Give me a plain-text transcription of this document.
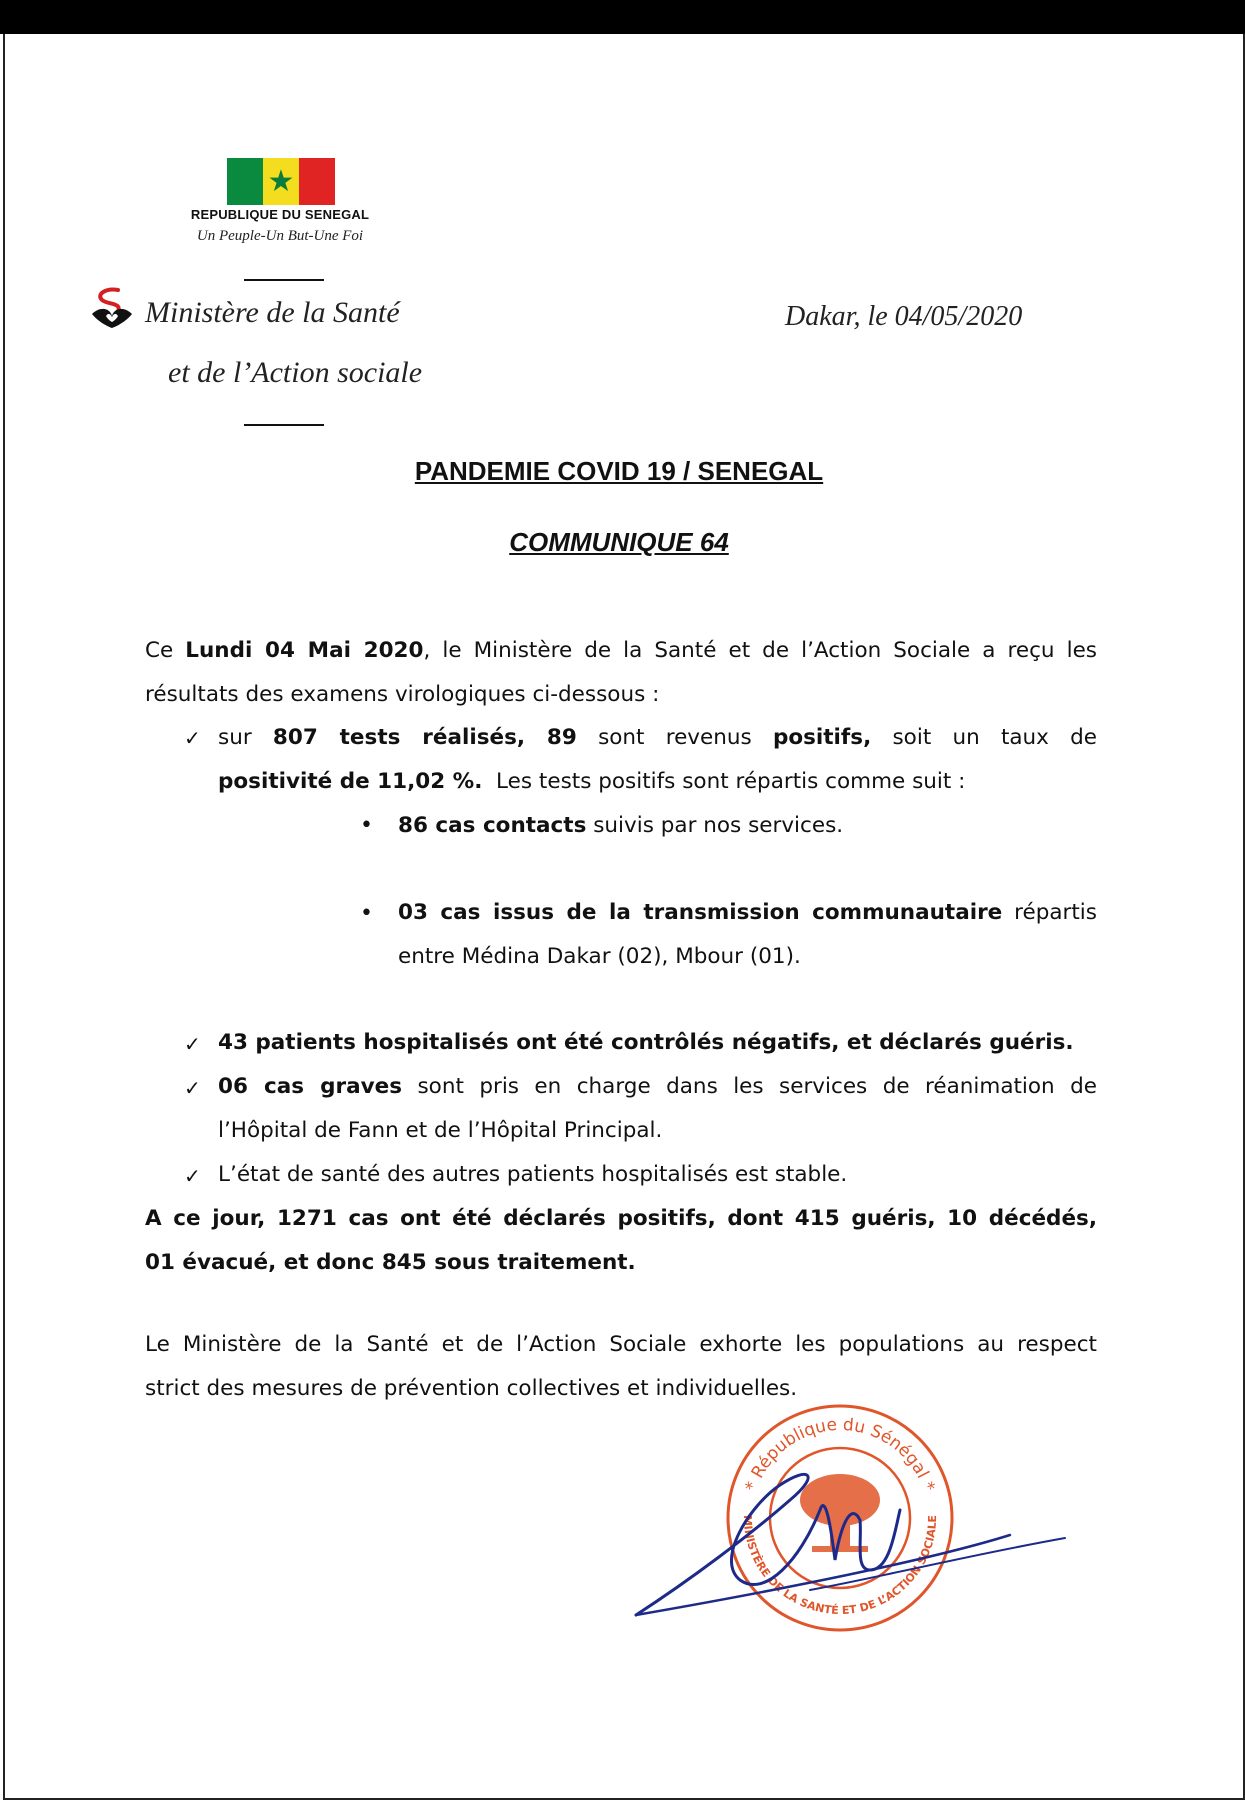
★
REPUBLIQUE DU SENEGAL
Un Peuple-Un But-Une Foi
Ministère de la Santé
et de l’Action sociale
Dakar, le 04/05/2020
PANDEMIE COVID 19 / SENEGAL
COMMUNIQUE 64
Ce Lundi 04 Mai 2020, le Ministère de la Santé et de l’Action Sociale a reçu les
résultats des examens virologiques ci-dessous :
✓ sur 807 tests réalisés, 89 sont revenus positifs, soit un taux de
positivité de 11,02 %. Les tests positifs sont répartis comme suit :
• 86 cas contacts suivis par nos services.
• 03 cas issus de la transmission communautaire répartis
entre Médina Dakar (02), Mbour (01).
✓ 43 patients hospitalisés ont été contrôlés négatifs, et déclarés guéris.
✓ 06 cas graves sont pris en charge dans les services de réanimation de
l’Hôpital de Fann et de l’Hôpital Principal.
✓ L’état de santé des autres patients hospitalisés est stable.
A ce jour, 1271 cas ont été déclarés positifs, dont 415 guéris, 10 décédés,
01 évacué, et donc 845 sous traitement.
Le Ministère de la Santé et de l’Action Sociale exhorte les populations au respect
strict des mesures de prévention collectives et individuelles.
* République du Sénégal *
MINISTÈRE DE LA SANTÉ ET DE L’ACTION SOCIALE
